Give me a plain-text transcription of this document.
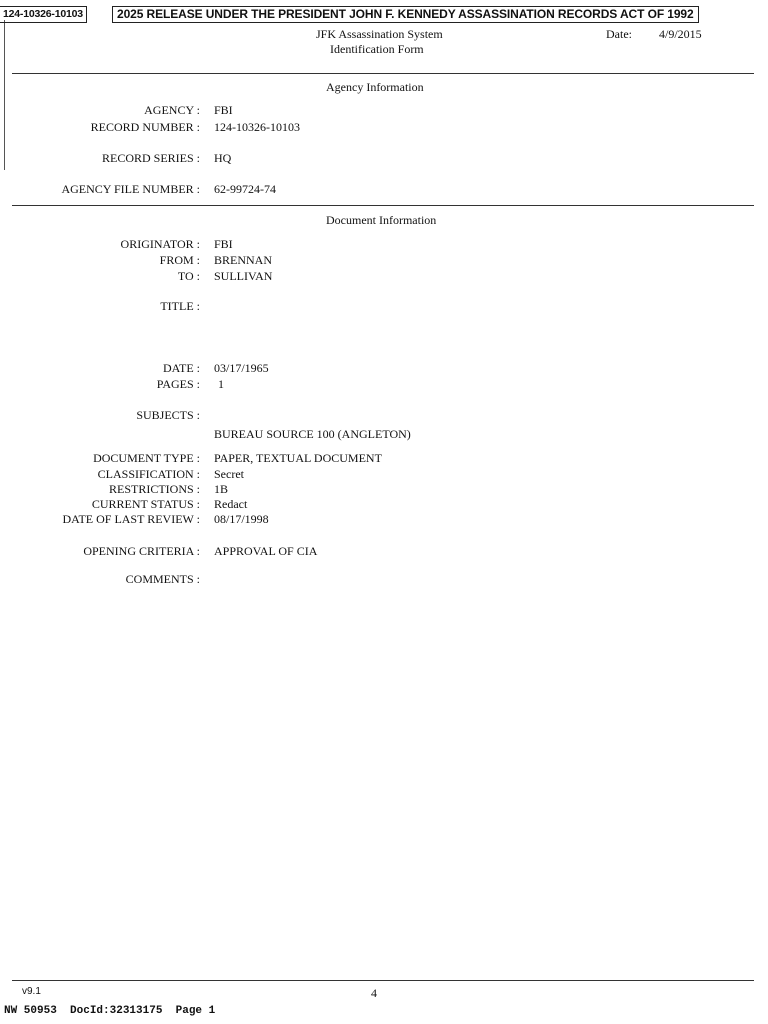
124-10326-10103	2025 RELEASE UNDER THE PRESIDENT JOHN F. KENNEDY ASSASSINATION RECORDS ACT OF 1992
JFK Assassination System
Identification Form
Date: 4/9/2015
Agency Information
AGENCY : FBI
RECORD NUMBER : 124-10326-10103
RECORD SERIES : HQ
AGENCY FILE NUMBER : 62-99724-74
Document Information
ORIGINATOR : FBI
FROM : BRENNAN
TO : SULLIVAN
TITLE :
DATE : 03/17/1965
PAGES : 1
SUBJECTS :
BUREAU SOURCE 100 (ANGLETON)
DOCUMENT TYPE : PAPER, TEXTUAL DOCUMENT
CLASSIFICATION : Secret
RESTRICTIONS : 1B
CURRENT STATUS : Redact
DATE OF LAST REVIEW : 08/17/1998
OPENING CRITERIA : APPROVAL OF CIA
COMMENTS :
v9.1	4
NW 50953  DocId:32313175  Page 1
